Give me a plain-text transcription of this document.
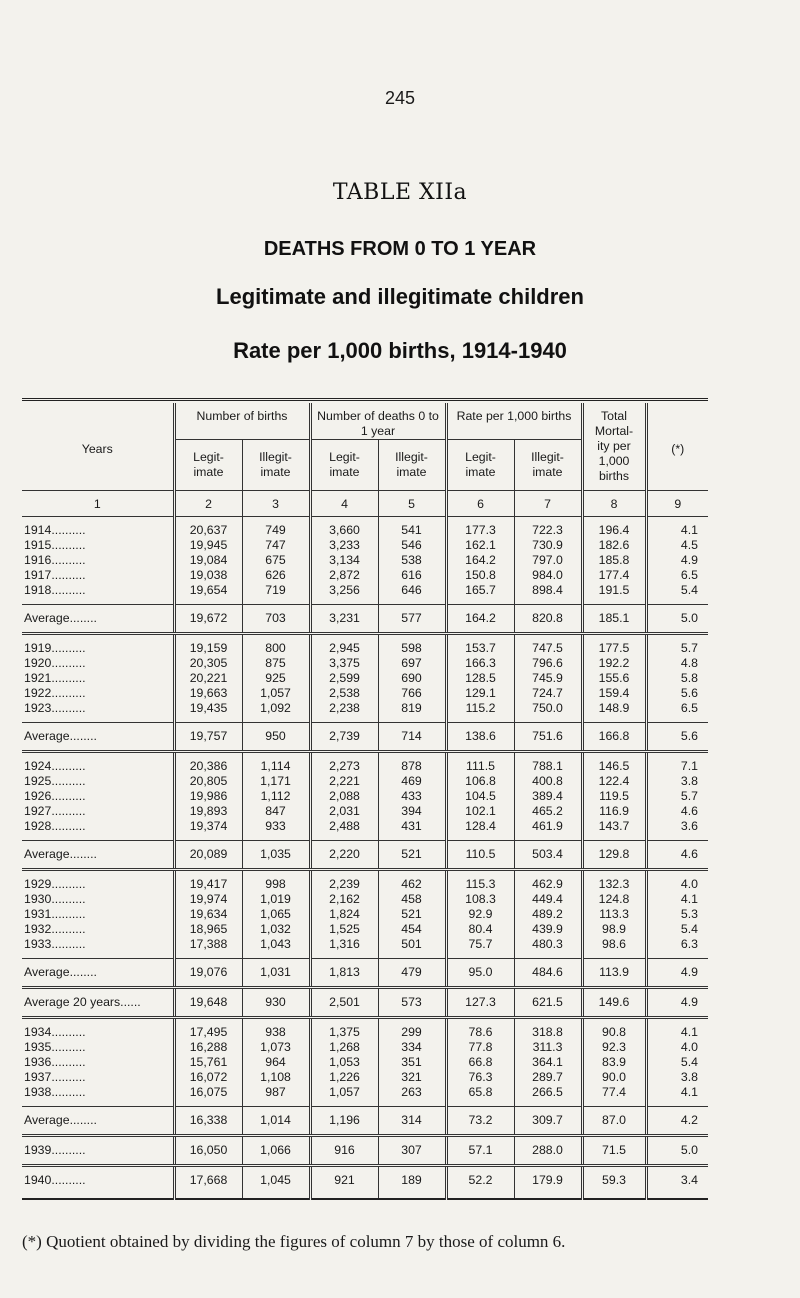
245
TABLE XIIa
DEATHS FROM 0 TO 1 YEAR
Legitimate and illegitimate children
Rate per 1,000 births, 1914-1940

Years	Number of births		Number of deaths 0 to 1 year		Rate per 1,000 births		Total Mortal- ity per 1,000 births	(*)
	Legit- imate	Illegit- imate	Legit- imate	Illegit- imate	Legit- imate	Illegit- imate		
1	2	3	4	5	6	7	8	9
1914..........	20,637	749	3,660	541	177.3	722.3	196.4	4.1
1915..........	19,945	747	3,233	546	162.1	730.9	182.6	4.5
1916..........	19,084	675	3,134	538	164.2	797.0	185.8	4.9
1917..........	19,038	626	2,872	616	150.8	984.0	177.4	6.5
1918..........	19,654	719	3,256	646	165.7	898.4	191.5	5.4
Average........	19,672	703	3,231	577	164.2	820.8	185.1	5.0
1919..........	19,159	800	2,945	598	153.7	747.5	177.5	5.7
1920..........	20,305	875	3,375	697	166.3	796.6	192.2	4.8
1921..........	20,221	925	2,599	690	128.5	745.9	155.6	5.8
1922..........	19,663	1,057	2,538	766	129.1	724.7	159.4	5.6
1923..........	19,435	1,092	2,238	819	115.2	750.0	148.9	6.5
Average........	19,757	950	2,739	714	138.6	751.6	166.8	5.6
1924..........	20,386	1,114	2,273	878	111.5	788.1	146.5	7.1
1925..........	20,805	1,171	2,221	469	106.8	400.8	122.4	3.8
1926..........	19,986	1,112	2,088	433	104.5	389.4	119.5	5.7
1927..........	19,893	847	2,031	394	102.1	465.2	116.9	4.6
1928..........	19,374	933	2,488	431	128.4	461.9	143.7	3.6
Average........	20,089	1,035	2,220	521	110.5	503.4	129.8	4.6
1929..........	19,417	998	2,239	462	115.3	462.9	132.3	4.0
1930..........	19,974	1,019	2,162	458	108.3	449.4	124.8	4.1
1931..........	19,634	1,065	1,824	521	92.9	489.2	113.3	5.3
1932..........	18,965	1,032	1,525	454	80.4	439.9	98.9	5.4
1933..........	17,388	1,043	1,316	501	75.7	480.3	98.6	6.3
Average........	19,076	1,031	1,813	479	95.0	484.6	113.9	4.9
Average 20 years......	19,648	930	2,501	573	127.3	621.5	149.6	4.9
1934..........	17,495	938	1,375	299	78.6	318.8	90.8	4.1
1935..........	16,288	1,073	1,268	334	77.8	311.3	92.3	4.0
1936..........	15,761	964	1,053	351	66.8	364.1	83.9	5.4
1937..........	16,072	1,108	1,226	321	76.3	289.7	90.0	3.8
1938..........	16,075	987	1,057	263	65.8	266.5	77.4	4.1
Average........	16,338	1,014	1,196	314	73.2	309.7	87.0	4.2
1939..........	16,050	1,066	916	307	57.1	288.0	71.5	5.0
1940..........	17,668	1,045	921	189	52.2	179.9	59.3	3.4
(*) Quotient obtained by dividing the figures of column 7 by those of column 6.
